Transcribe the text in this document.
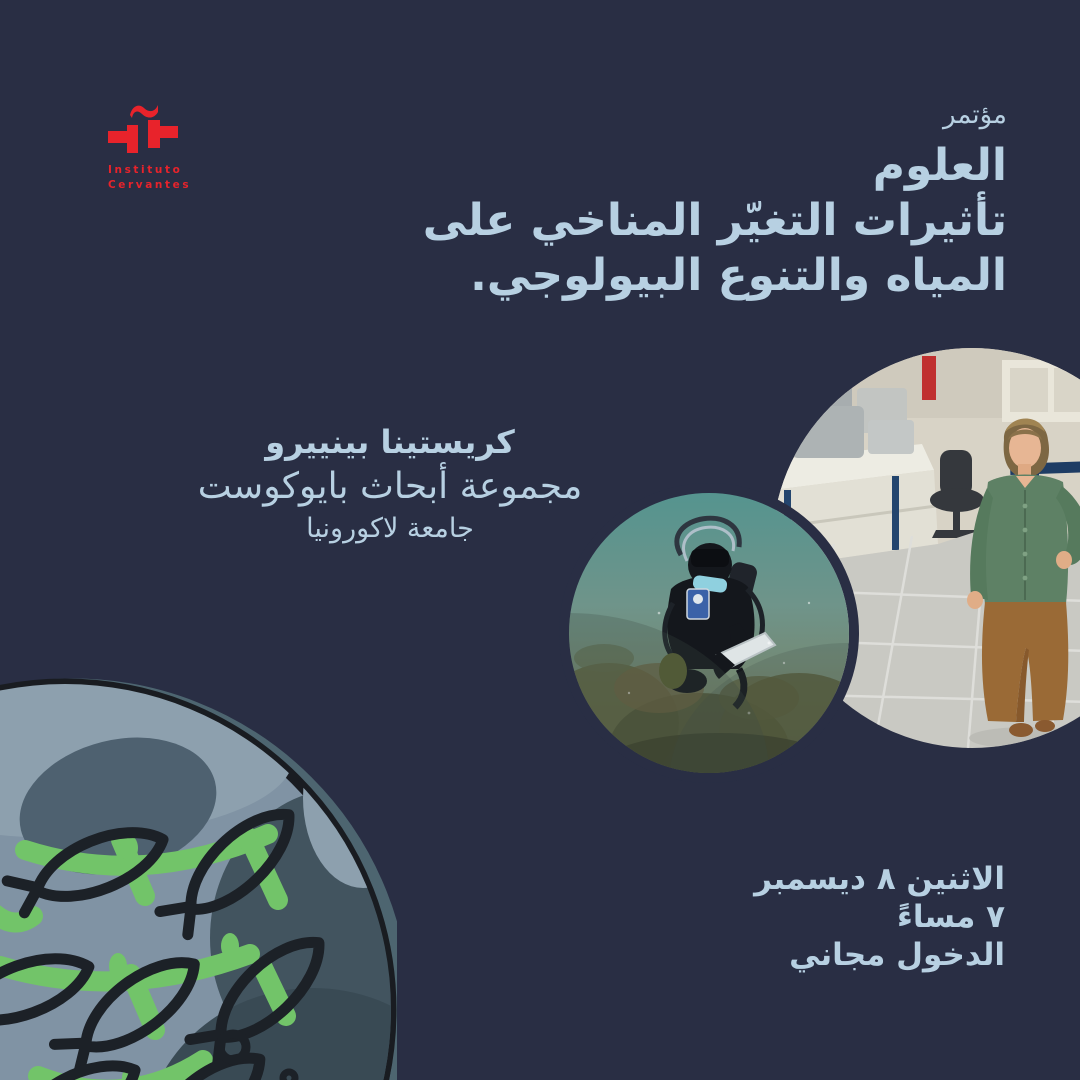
Instituto
Cervantes
مؤتمر
العلوم
تأثيرات التغيّر المناخي على
المياه والتنوع البيولوجي.
كريستينا بينييرو
مجموعة أبحاث بايوكوست
جامعة لاكورونيا
الاثنين ٨ ديسمبر
٧ مساءً
الدخول مجاني
